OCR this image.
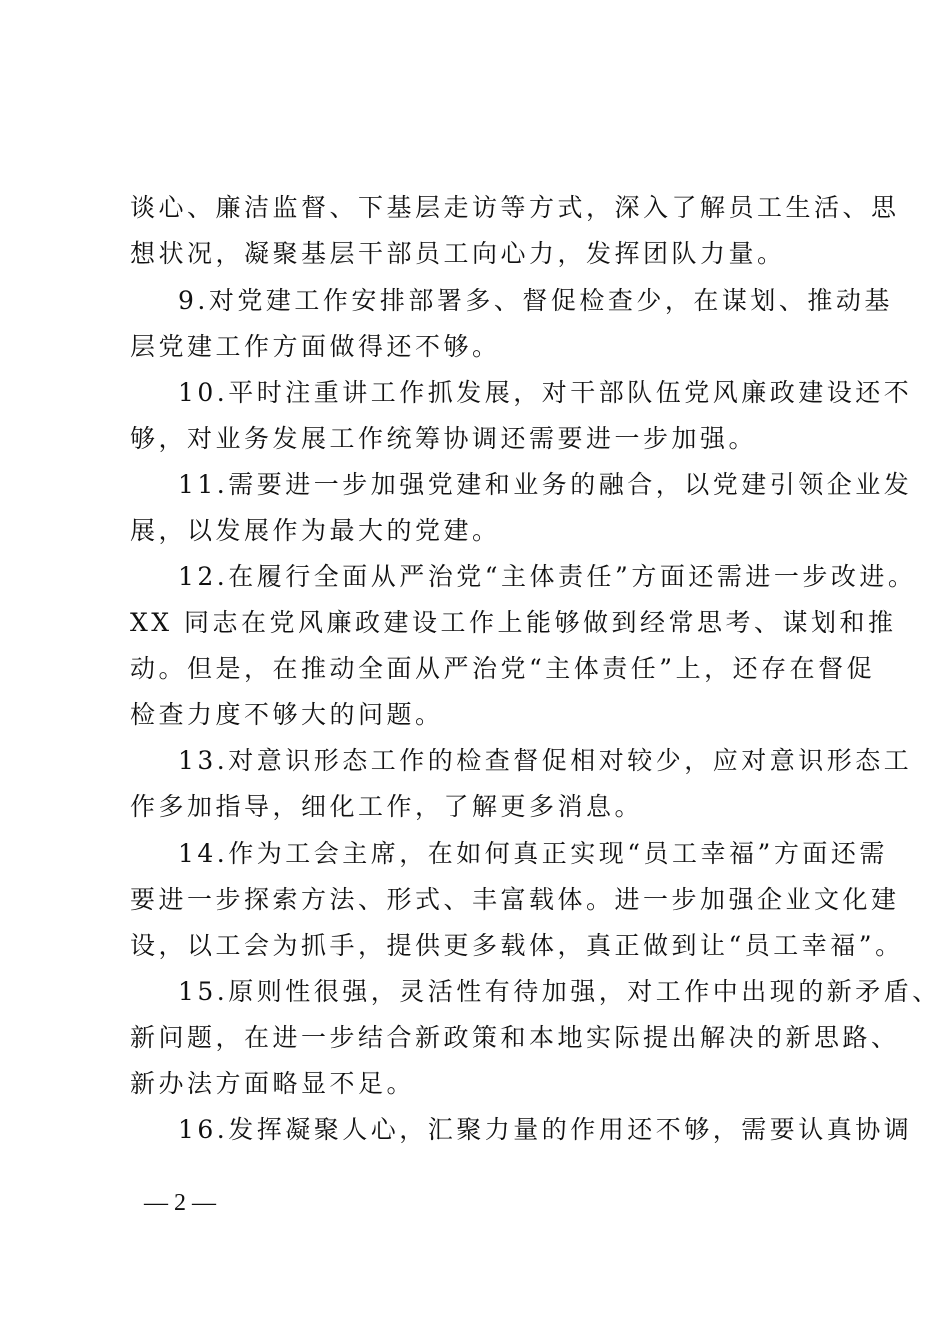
谈心、廉洁监督、下基层走访等方式，深入了解员工生活、思
想状况，凝聚基层干部员工向心力，发挥团队力量。
9.对党建工作安排部署多、督促检查少，在谋划、推动基
层党建工作方面做得还不够。
10.平时注重讲工作抓发展，对干部队伍党风廉政建设还不
够，对业务发展工作统筹协调还需要进一步加强。
11.需要进一步加强党建和业务的融合，以党建引领企业发
展，以发展作为最大的党建。
12.在履行全面从严治党“主体责任”方面还需进一步改进。
XX 同志在党风廉政建设工作上能够做到经常思考、谋划和推
动。但是，在推动全面从严治党“主体责任”上，还存在督促
检查力度不够大的问题。
13.对意识形态工作的检查督促相对较少，应对意识形态工
作多加指导，细化工作，了解更多消息。
14.作为工会主席，在如何真正实现“员工幸福”方面还需
要进一步探索方法、形式、丰富载体。进一步加强企业文化建
设，以工会为抓手，提供更多载体，真正做到让“员工幸福”。
15.原则性很强，灵活性有待加强，对工作中出现的新矛盾、
新问题，在进一步结合新政策和本地实际提出解决的新思路、
新办法方面略显不足。
16.发挥凝聚人心，汇聚力量的作用还不够，需要认真协调
— 2 —
